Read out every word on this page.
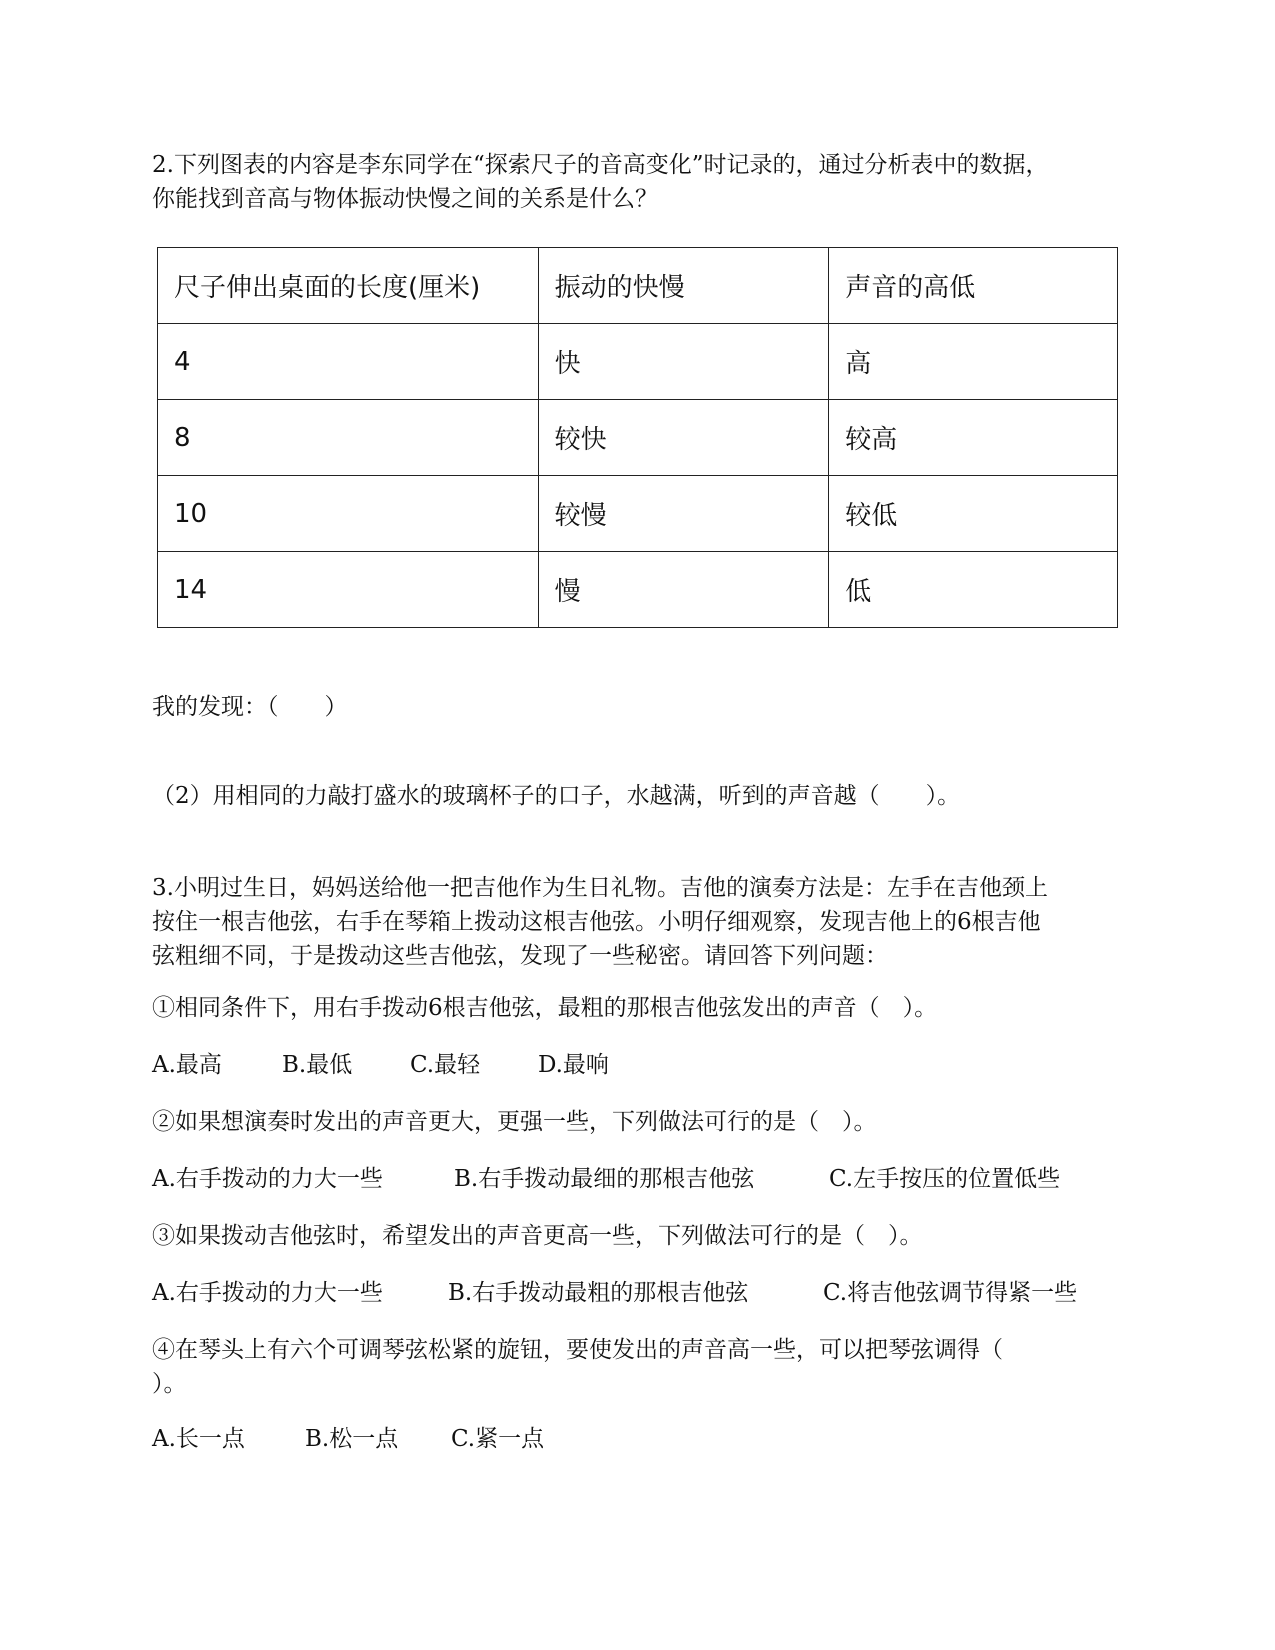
2.下列图表的内容是李东同学在“探索尺子的音高变化”时记录的，通过分析表中的数据，
你能找到音高与物体振动快慢之间的关系是什么？

尺子伸出桌面的长度(厘米)	振动的快慢	声音的高低
4	快	高
8	较快	较高
10	较慢	较低
14	慢	低

我的发现：（　　）

（2）用相同的力敲打盛水的玻璃杯子的口子，水越满，听到的声音越（　　）。

3.小明过生日，妈妈送给他一把吉他作为生日礼物。吉他的演奏方法是：左手在吉他颈上
按住一根吉他弦，右手在琴箱上拨动这根吉他弦。小明仔细观察，发现吉他上的6根吉他
弦粗细不同，于是拨动这些吉他弦，发现了一些秘密。请回答下列问题：

①相同条件下，用右手拨动6根吉他弦，最粗的那根吉他弦发出的声音（　）。

A.最高	B.最低	C.最轻	D.最响

②如果想演奏时发出的声音更大，更强一些，下列做法可行的是（　）。

A.右手拨动的力大一些	B.右手拨动最细的那根吉他弦	C.左手按压的位置低些

③如果拨动吉他弦时，希望发出的声音更高一些，下列做法可行的是（　）。

A.右手拨动的力大一些	B.右手拨动最粗的那根吉他弦	C.将吉他弦调节得紧一些

④在琴头上有六个可调琴弦松紧的旋钮，要使发出的声音高一些，可以把琴弦调得（
）。

A.长一点	B.松一点 C.紧一点
